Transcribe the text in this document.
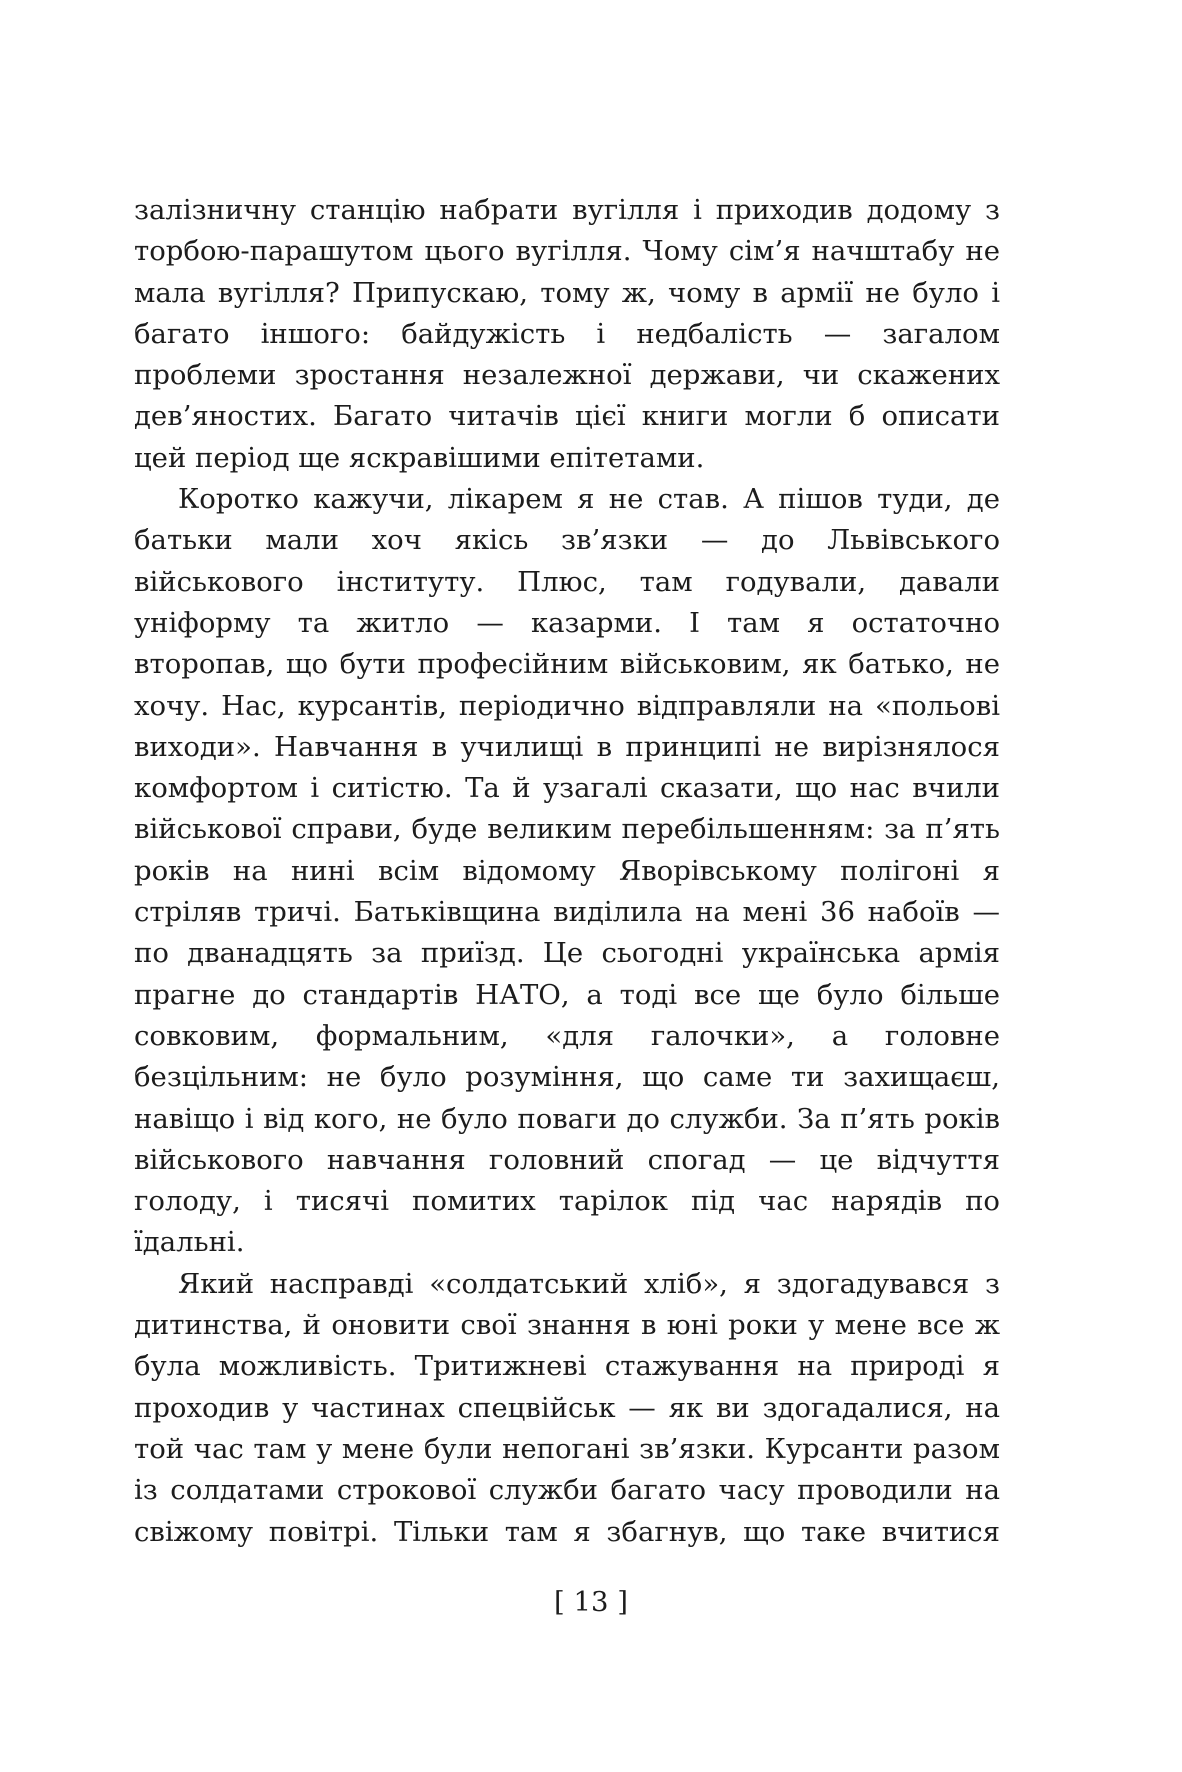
залізничну станцію набрати вугілля і приходив додому з торбою-парашутом цього вугілля. Чому сім’я начштабу не мала вугілля? Припускаю, тому ж, чому в армії не було і багато іншого: байдужість і недбалість — загалом проблеми зростання незалежної держави, чи скажених дев’яностих. Багато читачів цієї книги могли б описати цей період ще яскравішими епітетами.

Коротко кажучи, лікарем я не став. А пішов туди, де батьки мали хоч якісь зв’язки — до Львівського військового інституту. Плюс, там годували, давали уніформу та житло — казарми. І там я остаточно второпав, що бути професійним військовим, як батько, не хочу. Нас, курсантів, періодично відправляли на «польові виходи». Навчання в училищі в принципі не вирізнялося комфортом і ситістю. Та й узагалі сказати, що нас вчили військової справи, буде великим перебільшенням: за п’ять років на нині всім відомому Яворівському полігоні я стріляв тричі. Батьківщина виділила на мені 36 набоїв — по дванадцять за приїзд. Це сьогодні українська армія прагне до стандартів НАТО, а тоді все ще було більше совковим, формальним, «для галочки», а головне безцільним: не було розуміння, що саме ти захищаєш, навіщо і від кого, не було поваги до служби. За п’ять років військового навчання головний спогад — це відчуття голоду, і тисячі помитих тарілок під час нарядів по їдальні.

Який насправді «солдатський хліб», я здогадувався з дитинства, й оновити свої знання в юні роки у мене все ж була можливість. Тритижневі стажування на природі я проходив у частинах спецвійськ — як ви здогадалися, на той час там у мене були непогані зв’язки. Курсанти разом із солдатами строкової служби багато часу проводили на свіжому повітрі. Тільки там я збагнув, що таке вчитися

[ 13 ]
